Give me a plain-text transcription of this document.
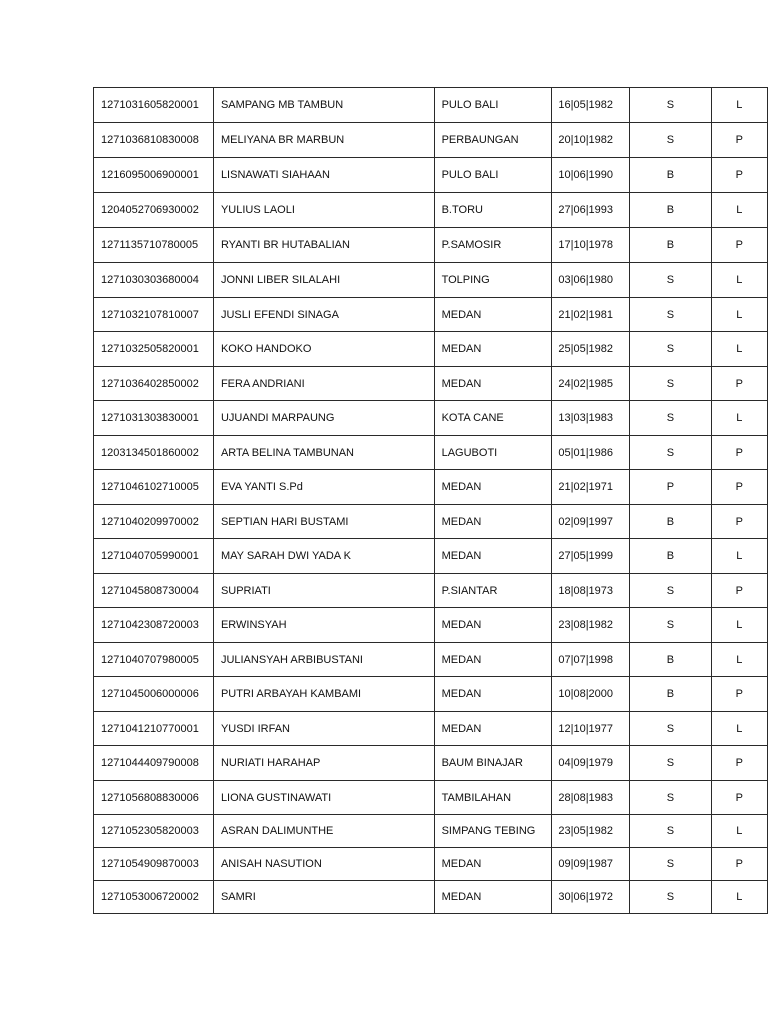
1271031605820001	SAMPANG MB TAMBUN	PULO BALI	16|05|1982	S	L
1271036810830008	MELIYANA BR MARBUN	PERBAUNGAN	20|10|1982	S	P
1216095006900001	LISNAWATI SIAHAAN	PULO BALI	10|06|1990	B	P
1204052706930002	YULIUS LAOLI	B.TORU	27|06|1993	B	L
1271135710780005	RYANTI BR HUTABALIAN	P.SAMOSIR	17|10|1978	B	P
1271030303680004	JONNI LIBER SILALAHI	TOLPING	03|06|1980	S	L
1271032107810007	JUSLI EFENDI SINAGA	MEDAN	21|02|1981	S	L
1271032505820001	KOKO HANDOKO	MEDAN	25|05|1982	S	L
1271036402850002	FERA ANDRIANI	MEDAN	24|02|1985	S	P
1271031303830001	UJUANDI MARPAUNG	KOTA CANE	13|03|1983	S	L
1203134501860002	ARTA BELINA TAMBUNAN	LAGUBOTI	05|01|1986	S	P
1271046102710005	EVA YANTI S.Pd	MEDAN	21|02|1971	P	P
1271040209970002	SEPTIAN HARI BUSTAMI	MEDAN	02|09|1997	B	P
1271040705990001	MAY SARAH DWI YADA K	MEDAN	27|05|1999	B	L
1271045808730004	SUPRIATI	P.SIANTAR	18|08|1973	S	P
1271042308720003	ERWINSYAH	MEDAN	23|08|1982	S	L
1271040707980005	JULIANSYAH ARBIBUSTANI	MEDAN	07|07|1998	B	L
1271045006000006	PUTRI ARBAYAH KAMBAMI	MEDAN	10|08|2000	B	P
1271041210770001	YUSDI IRFAN	MEDAN	12|10|1977	S	L
1271044409790008	NURIATI HARAHAP	BAUM BINAJAR	04|09|1979	S	P
1271056808830006	LIONA GUSTINAWATI	TAMBILAHAN	28|08|1983	S	P
1271052305820003	ASRAN DALIMUNTHE	SIMPANG TEBING	23|05|1982	S	L
1271054909870003	ANISAH NASUTION	MEDAN	09|09|1987	S	P
1271053006720002	SAMRI	MEDAN	30|06|1972	S	L
